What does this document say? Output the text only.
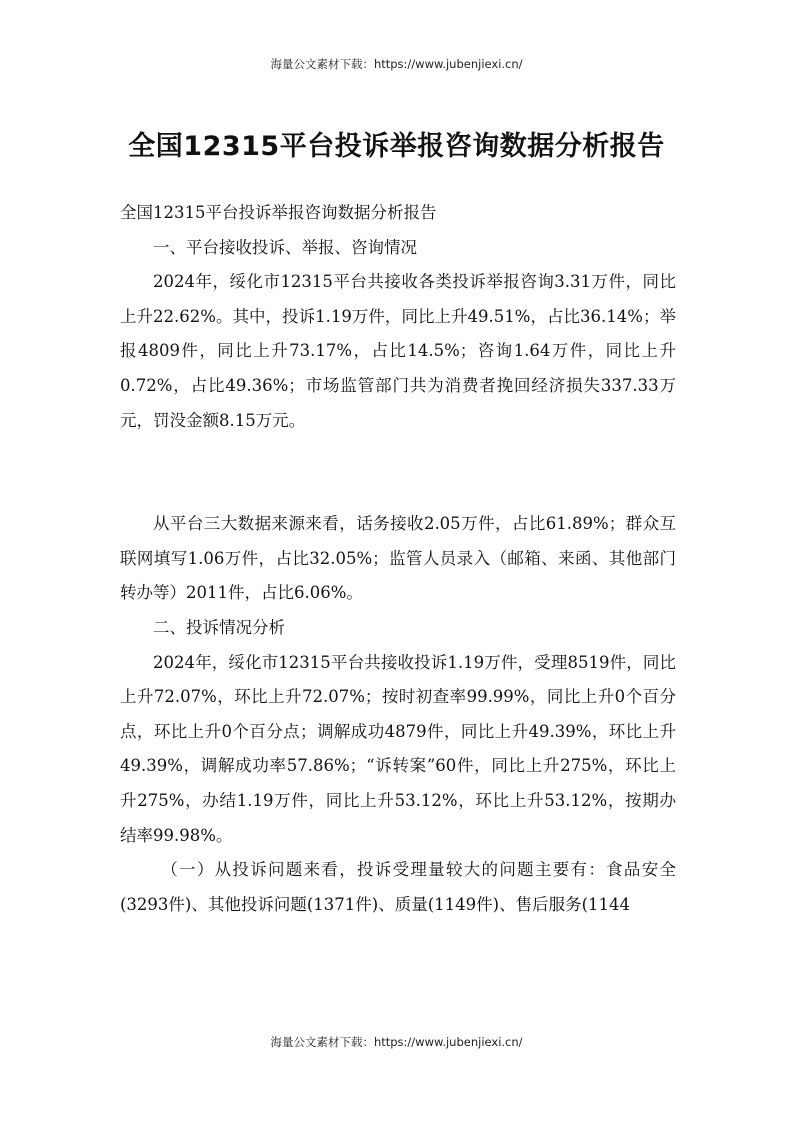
海量公文素材下载：https://www.jubenjiexi.cn/
全国12315平台投诉举报咨询数据分析报告

全国12315平台投诉举报咨询数据分析报告

一、平台接收投诉、举报、咨询情况

2024年，绥化市12315平台共接收各类投诉举报咨询3.31万件，同比上升22.62%。其中，投诉1.19万件，同比上升49.51%，占比36.14%；举报4809件，同比上升73.17%，占比14.5%；咨询1.64万件，同比上升0.72%，占比49.36%；市场监管部门共为消费者挽回经济损失337.33万元，罚没金额8.15万元。

从平台三大数据来源来看，话务接收2.05万件，占比61.89%；群众互联网填写1.06万件，占比32.05%；监管人员录入（邮箱、来函、其他部门转办等）2011件，占比6.06%。

二、投诉情况分析

2024年，绥化市12315平台共接收投诉1.19万件，受理8519件，同比上升72.07%，环比上升72.07%；按时初查率99.99%，同比上升0个百分点，环比上升0个百分点；调解成功4879件，同比上升49.39%，环比上升49.39%，调解成功率57.86%；“诉转案”60件，同比上升275%，环比上升275%，办结1.19万件，同比上升53.12%，环比上升53.12%，按期办结率99.98%。

（一）从投诉问题来看，投诉受理量较大的问题主要有：食品安全(3293件)、其他投诉问题(1371件)、质量(1149件)、售后服务(1144

海量公文素材下载：https://www.jubenjiexi.cn/
